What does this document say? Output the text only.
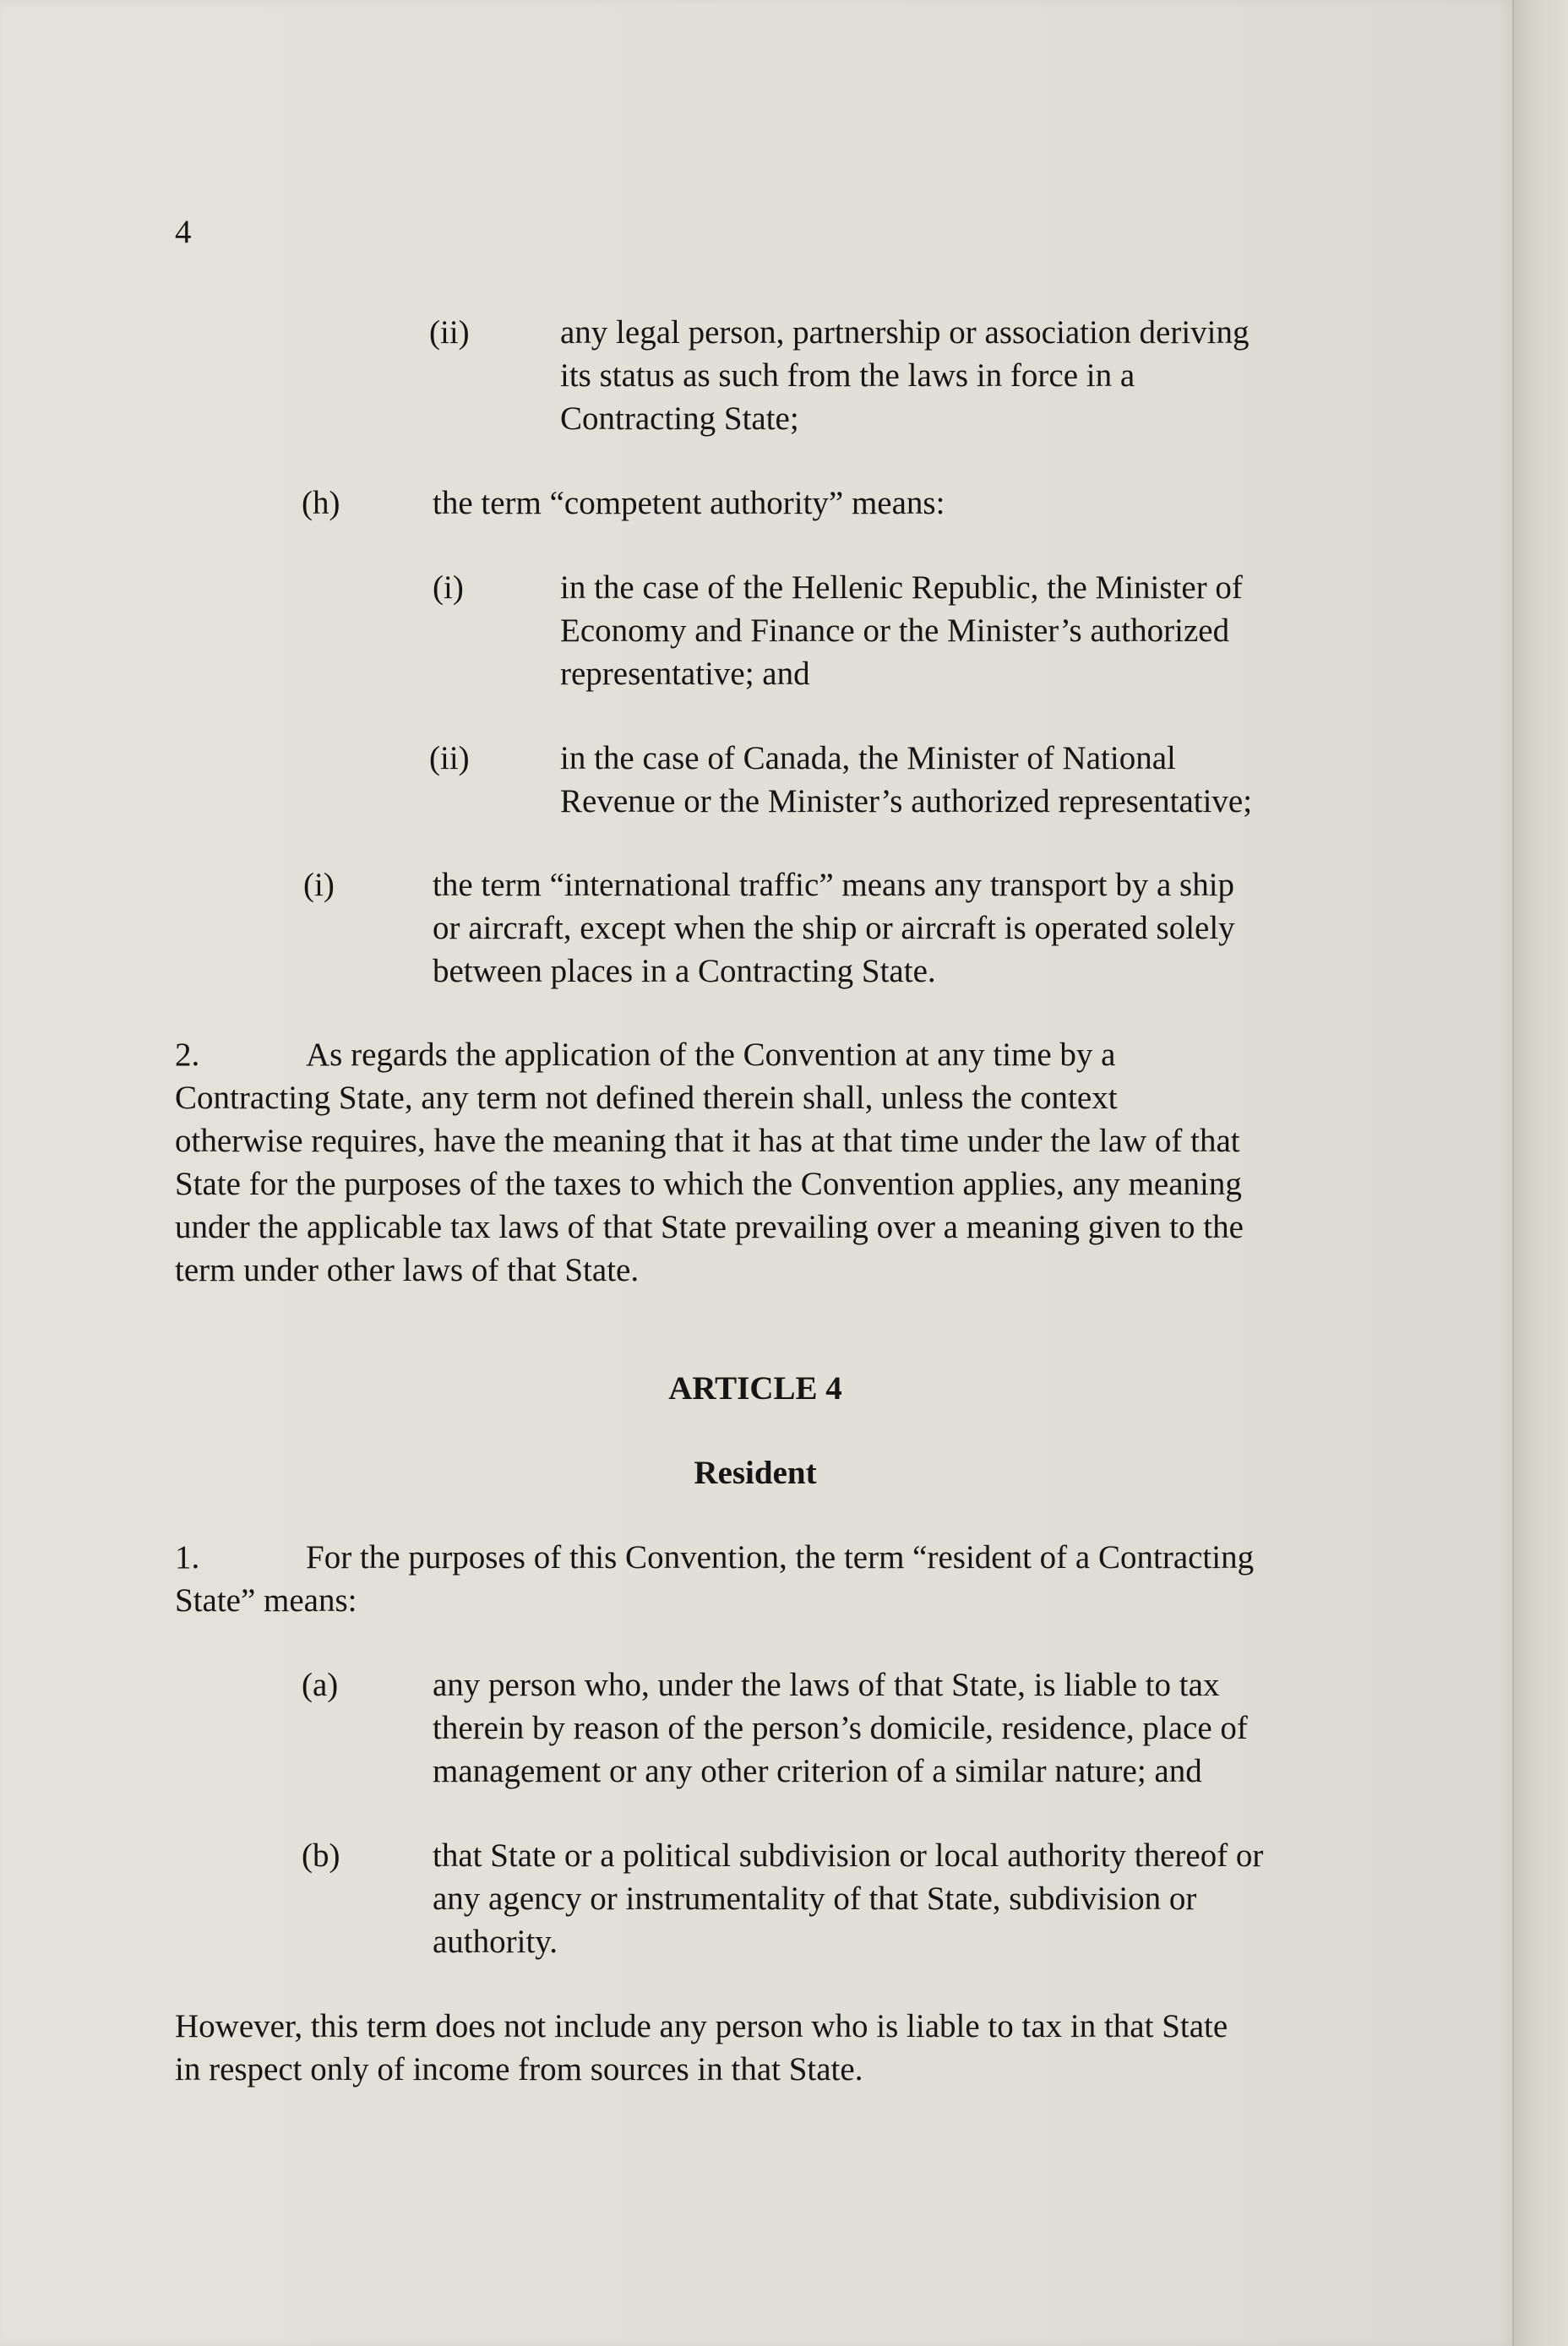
4

(ii)	any legal person, partnership or association deriving

its status as such from the laws in force in a

Contracting State;

(h)	the term “competent authority” means:

(i)	in the case of the Hellenic Republic, the Minister of

Economy and Finance or the Minister’s authorized

representative; and

(ii)	in the case of Canada, the Minister of National

Revenue or the Minister’s authorized representative;

(i)	the term “international traffic” means any transport by a ship

or aircraft, except when the ship or aircraft is operated solely

between places in a Contracting State.

2.	As regards the application of the Convention at any time by a

Contracting State, any term not defined therein shall, unless the context

otherwise requires, have the meaning that it has at that time under the law of that

State for the purposes of the taxes to which the Convention applies, any meaning

under the applicable tax laws of that State prevailing over a meaning given to the

term under other laws of that State.

ARTICLE 4

Resident

1.	For the purposes of this Convention, the term “resident of a Contracting

State” means:

(a)	any person who, under the laws of that State, is liable to tax

therein by reason of the person’s domicile, residence, place of

management or any other criterion of a similar nature; and

(b)	that State or a political subdivision or local authority thereof or

any agency or instrumentality of that State, subdivision or

authority.

However, this term does not include any person who is liable to tax in that State

in respect only of income from sources in that State.
